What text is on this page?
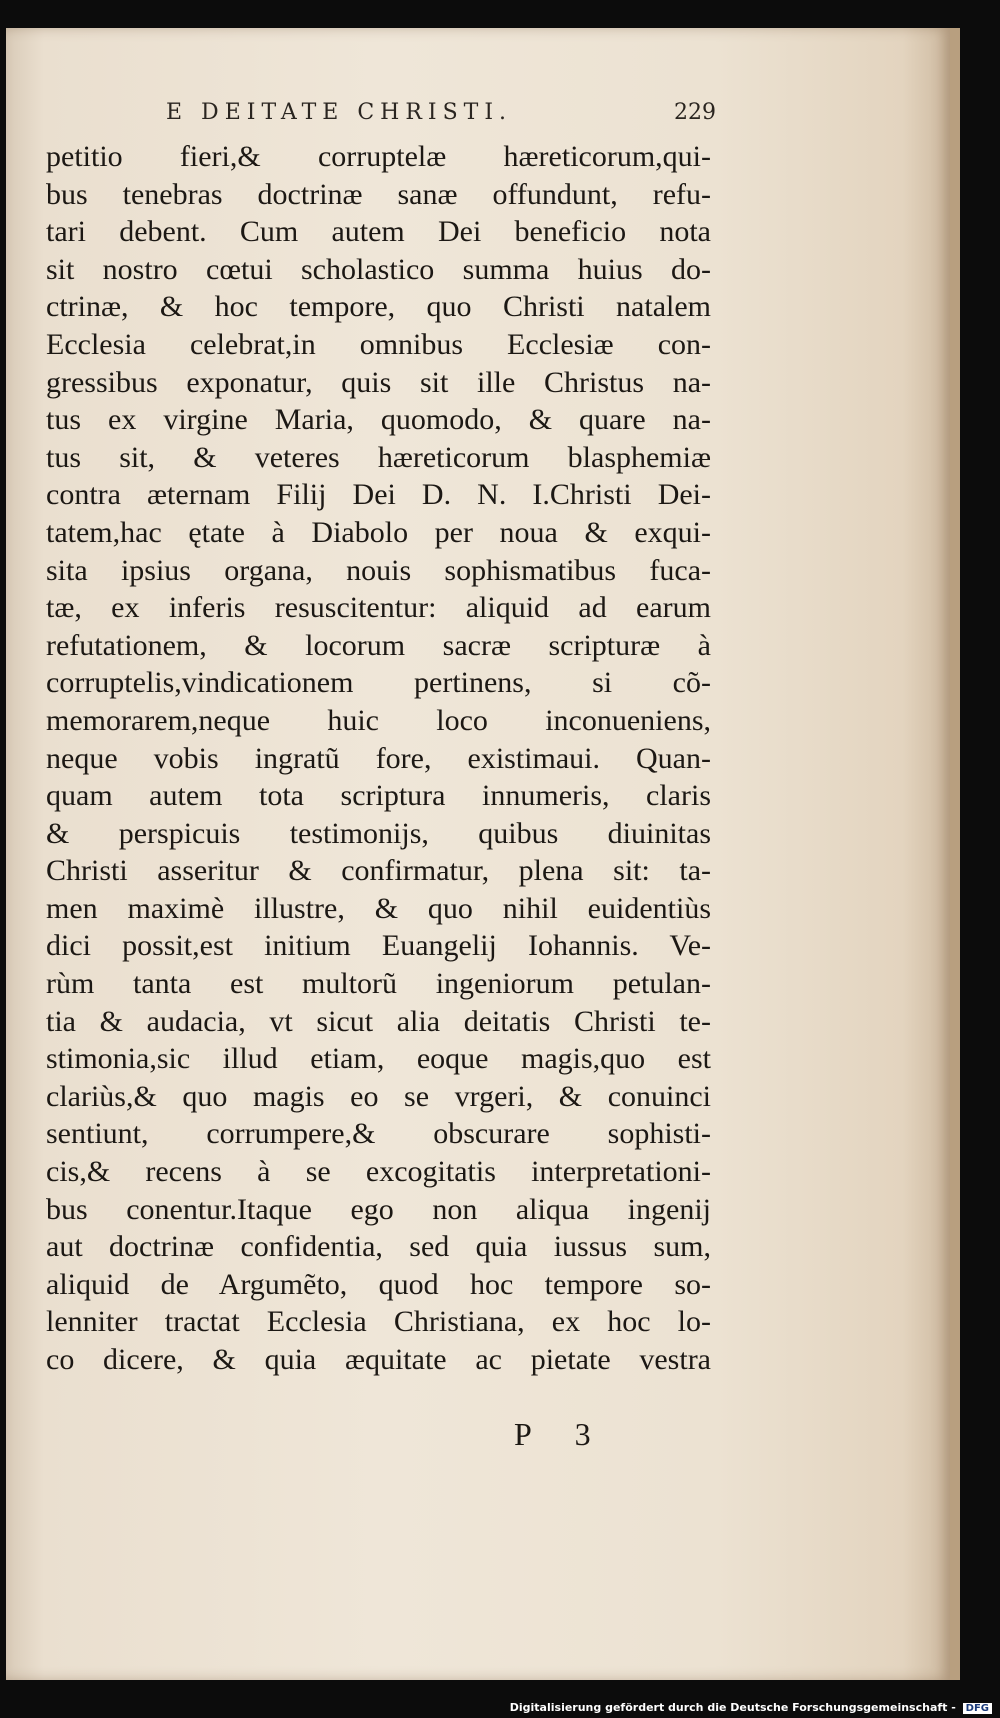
E DEITATE CHRISTI.	229
petitio fieri,& corruptelæ hæreticorum,qui-
bus tenebras doctrinæ sanæ offundunt, refu-
tari debent. Cum autem Dei beneficio nota
sit nostro cœtui scholastico summa huius do-
ctrinæ, & hoc tempore, quo Christi natalem
Ecclesia celebrat,in omnibus Ecclesiæ con-
gressibus exponatur, quis sit ille Christus na-
tus ex virgine Maria, quomodo, & quare na-
tus sit, & veteres hæreticorum blasphemiæ
contra æternam Filij Dei D. N. I.Christi Dei-
tatem,hac ętate à Diabolo per noua & exqui-
sita ipsius organa, nouis sophismatibus fuca-
tæ, ex inferis resuscitentur: aliquid ad earum
refutationem, & locorum sacræ scripturæ à
corruptelis,vindicationem pertinens, si cõ-
memorarem,neque huic loco inconueniens,
neque vobis ingratũ fore, existimaui. Quan-
quam autem tota scriptura innumeris, claris
& perspicuis testimonijs, quibus diuinitas
Christi asseritur & confirmatur, plena sit: ta-
men maximè illustre, & quo nihil euidentiùs
dici possit,est initium Euangelij Iohannis. Ve-
rùm tanta est multorũ ingeniorum petulan-
tia & audacia, vt sicut alia deitatis Christi te-
stimonia,sic illud etiam, eoque magis,quo est
clariùs,& quo magis eo se vrgeri, & conuinci
sentiunt, corrumpere,& obscurare sophisti-
cis,& recens à se excogitatis interpretationi-
bus conentur.Itaque ego non aliqua ingenij
aut doctrinæ confidentia, sed quia iussus sum,
aliquid de Argumẽto, quod hoc tempore so-
lenniter tractat Ecclesia Christiana, ex hoc lo-
co dicere, & quia æquitate ac pietate vestra
P 3
Digitalisierung gefördert durch die Deutsche Forschungsgemeinschaft - DFG
